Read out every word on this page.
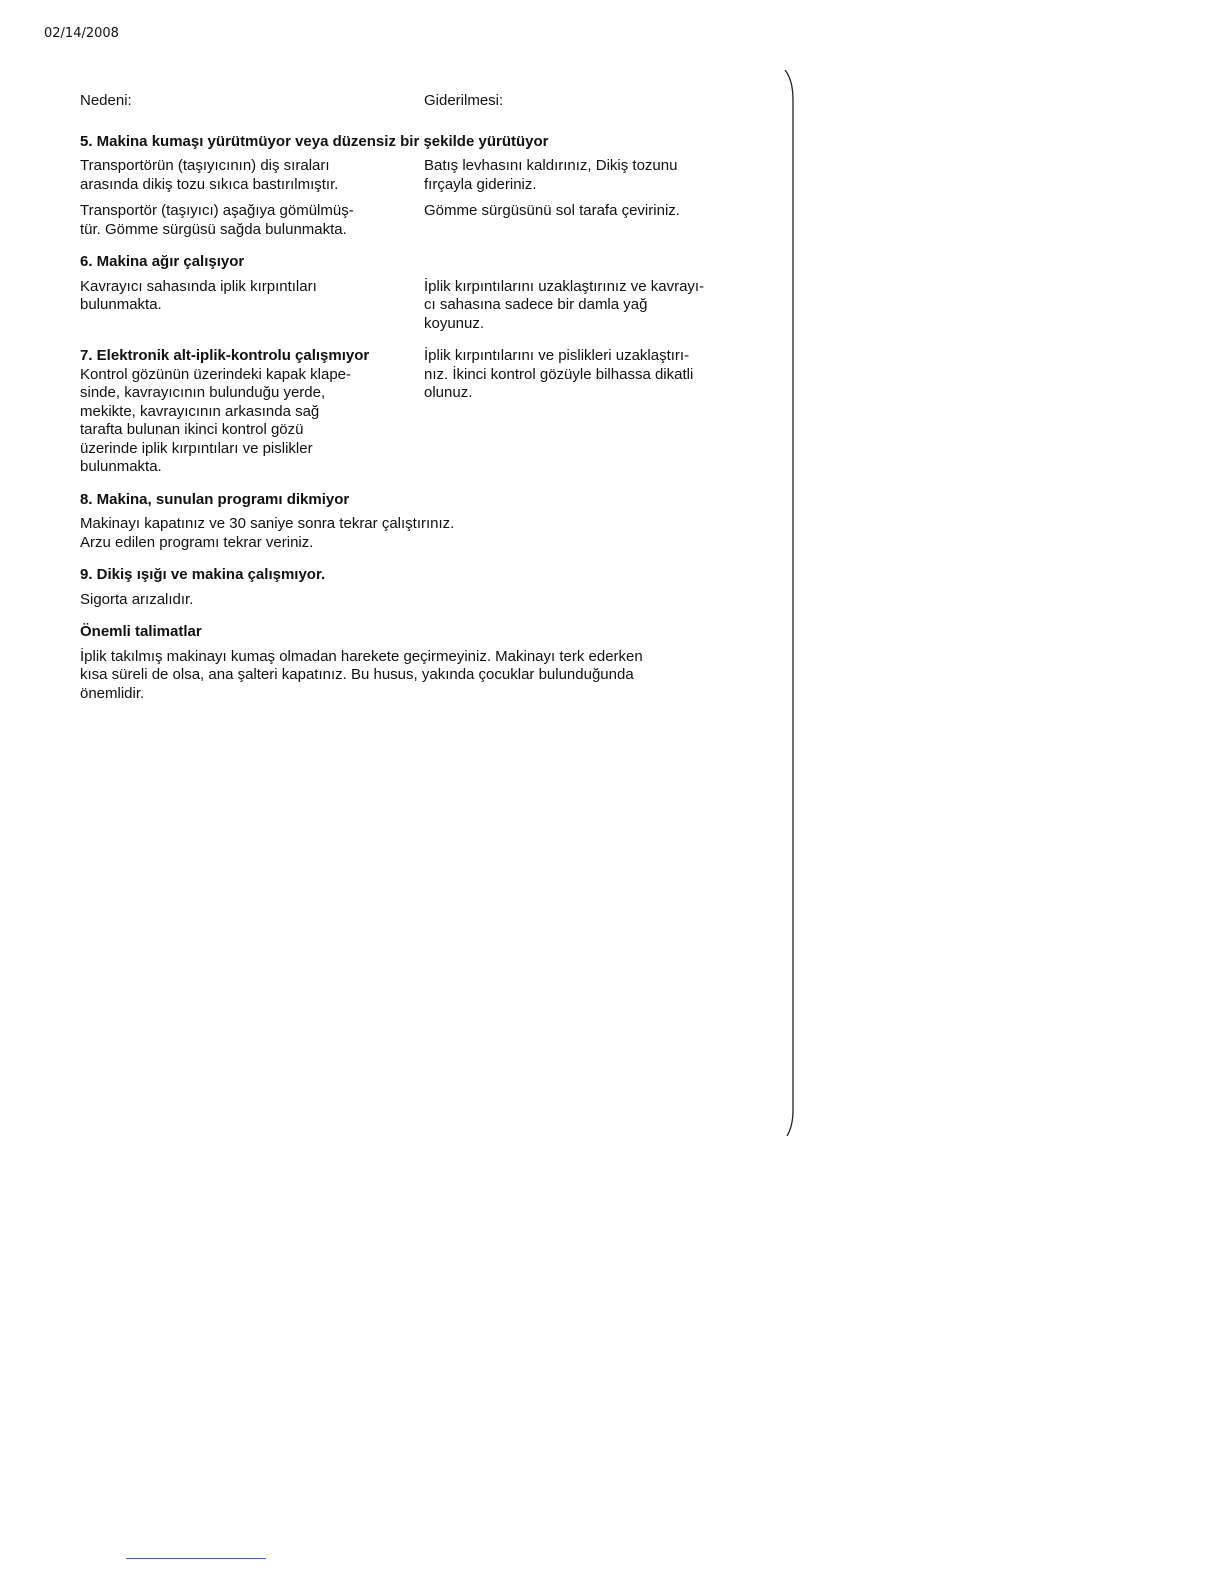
02/14/2008
Nedeni:	Giderilmesi:
5. Makina kumaşı yürütmüyor veya düzensiz bir şekilde yürütüyor
Transportörün (taşıyıcının) diş sıraları
arasında dikiş tozu sıkıca bastırılmıştır.
Batış levhasını kaldırınız, Dikiş tozunu
fırçayla gideriniz.
Transportör (taşıyıcı) aşağıya gömülmüş-
tür. Gömme sürgüsü sağda bulunmakta.
Gömme sürgüsünü sol tarafa çeviriniz.
6. Makina ağır çalışıyor
Kavrayıcı sahasında iplik kırpıntıları
bulunmakta.
İplik kırpıntılarını uzaklaştırınız ve kavrayı-
cı sahasına sadece bir damla yağ
koyunuz.
7. Elektronik alt-iplik-kontrolu çalışmıyor
Kontrol gözünün üzerindeki kapak klape-
sinde, kavrayıcının bulunduğu yerde,
mekikte, kavrayıcının arkasında sağ
tarafta bulunan ikinci kontrol gözü
üzerinde iplik kırpıntıları ve pislikler
bulunmakta.
İplik kırpıntılarını ve pislikleri uzaklaştırı-
nız. İkinci kontrol gözüyle bilhassa dikatli
olunuz.
8. Makina, sunulan programı dikmiyor
Makinayı kapatınız ve 30 saniye sonra tekrar çalıştırınız.
Arzu edilen programı tekrar veriniz.
9. Dikiş ışığı ve makina çalışmıyor.
Sigorta arızalıdır.
Önemli talimatlar
İplik takılmış makinayı kumaş olmadan harekete geçirmeyiniz. Makinayı terk ederken
kısa süreli de olsa, ana şalteri kapatınız. Bu husus, yakında çocuklar bulunduğunda
önemlidir.
